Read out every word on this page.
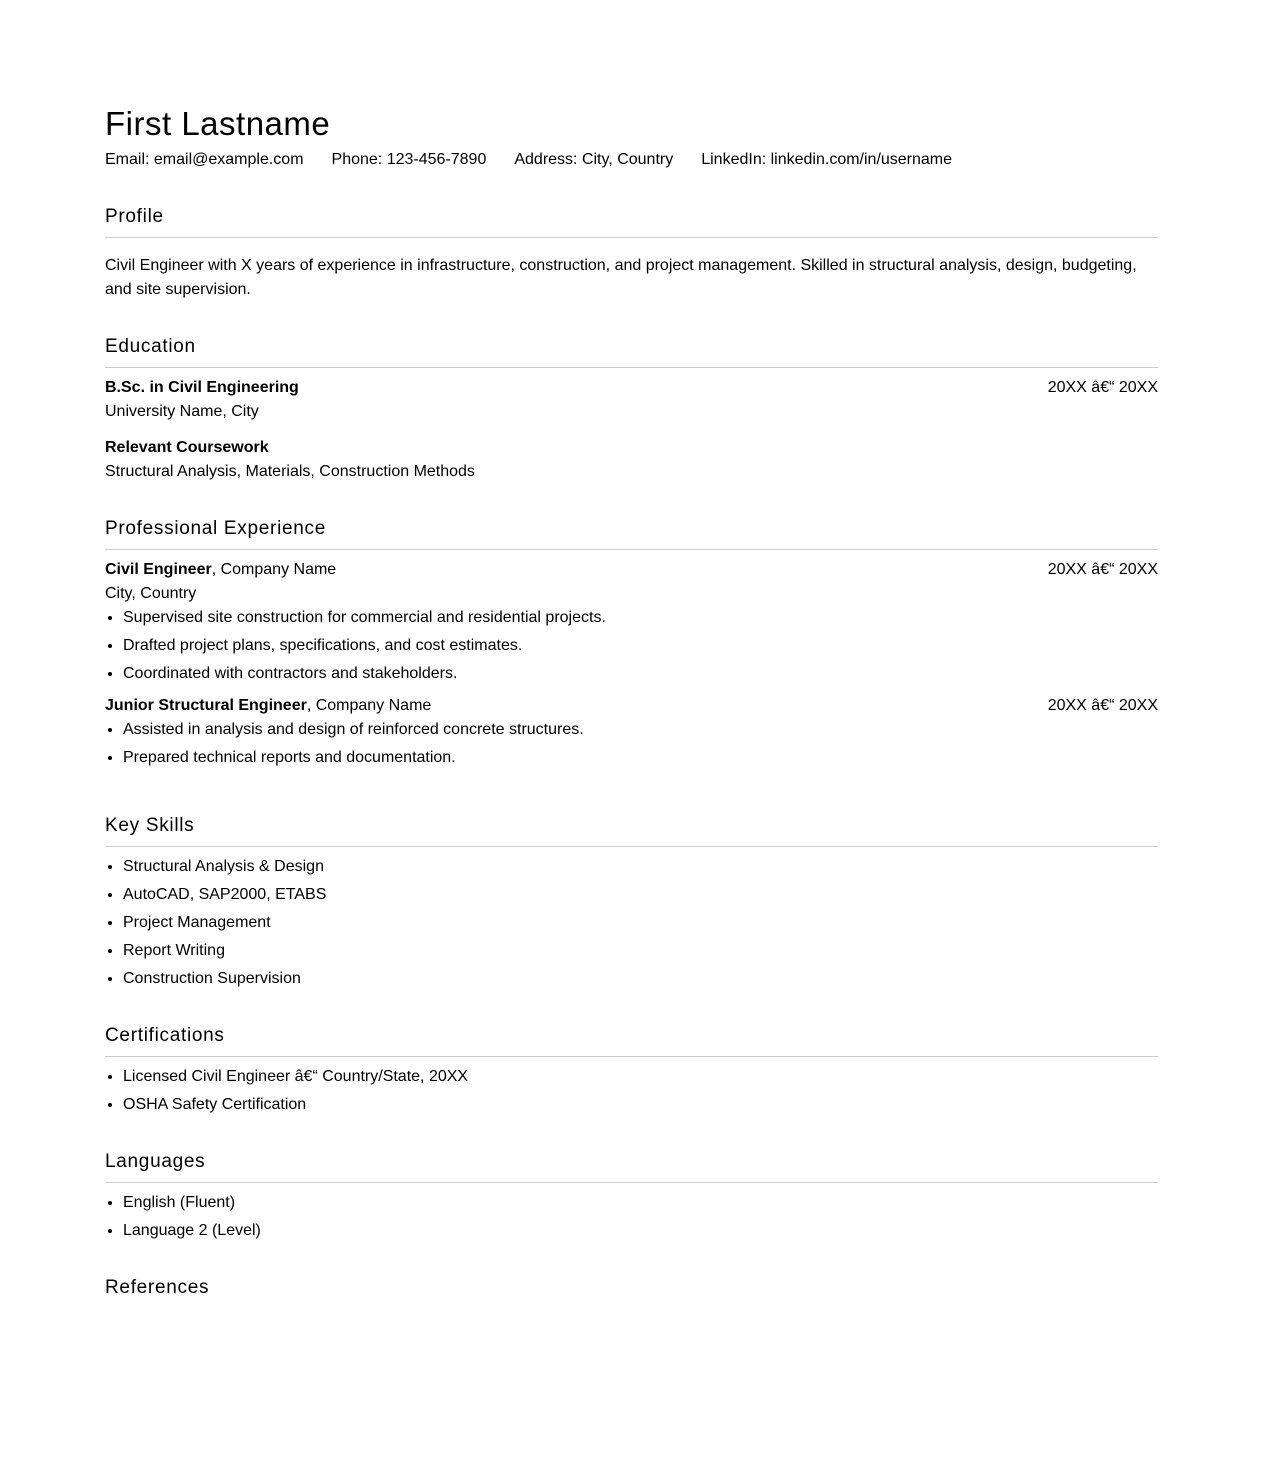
First Lastname
Email: email@example.com Phone: 123-456-7890 Address: City, Country LinkedIn: linkedin.com/in/username
Profile

Civil Engineer with X years of experience in infrastructure, construction, and project management. Skilled in structural analysis, design, budgeting, and site supervision.

Education
B.Sc. in Civil Engineering	20XX â€“ 20XX
University Name, City
Relevant Coursework
Structural Analysis, Materials, Construction Methods
Professional Experience
Civil Engineer, Company Name	20XX â€“ 20XX
City, Country
• Supervised site construction for commercial and residential projects.
• Drafted project plans, specifications, and cost estimates.
• Coordinated with contractors and stakeholders.
Junior Structural Engineer, Company Name	20XX â€“ 20XX
• Assisted in analysis and design of reinforced concrete structures.
• Prepared technical reports and documentation.
Key Skills
• Structural Analysis & Design
• AutoCAD, SAP2000, ETABS
• Project Management
• Report Writing
• Construction Supervision
Certifications
• Licensed Civil Engineer â€“ Country/State, 20XX
• OSHA Safety Certification
Languages
• English (Fluent)
• Language 2 (Level)
References
